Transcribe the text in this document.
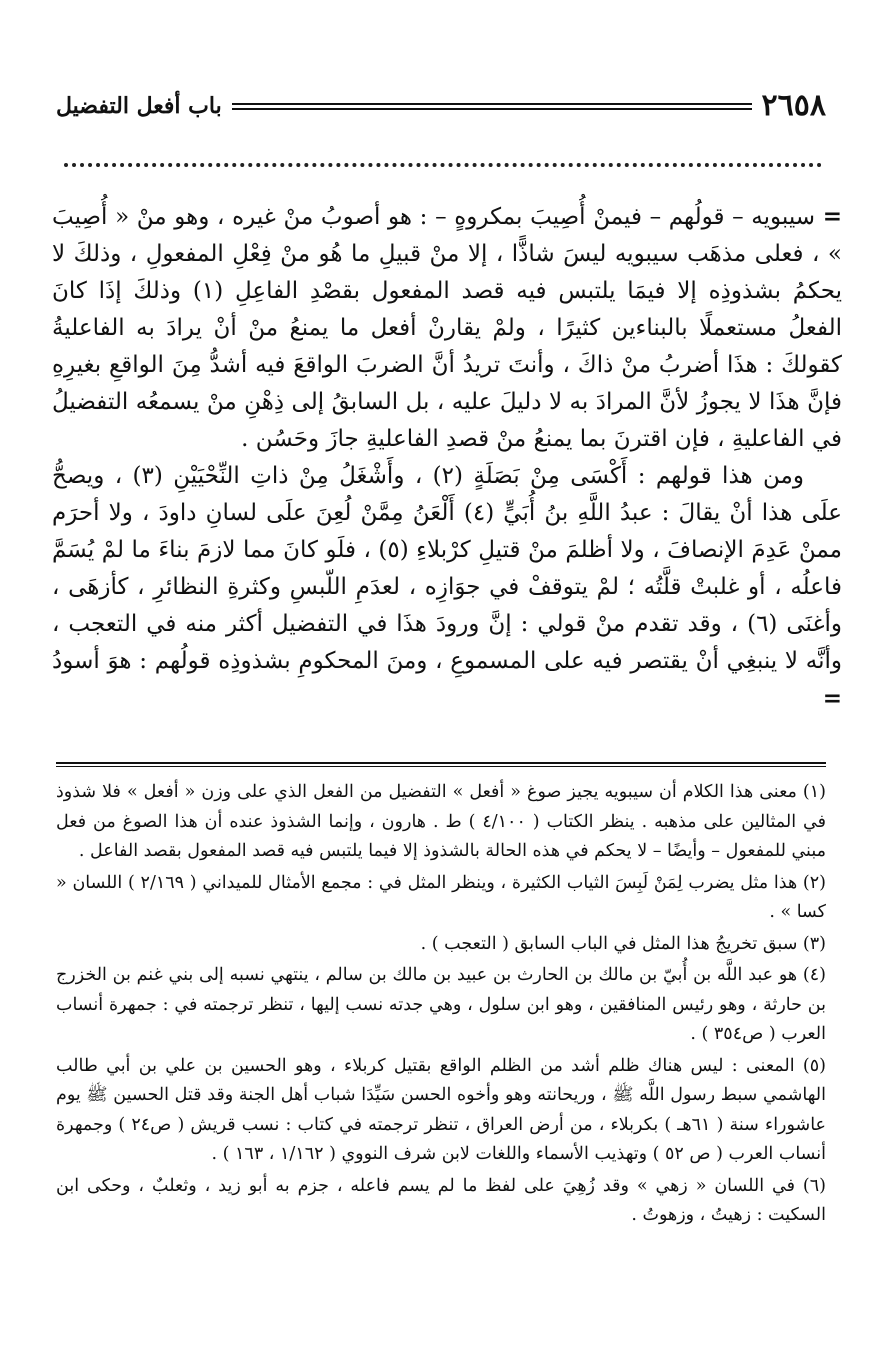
٢٦٥٨
باب أفعل التفضيل

= سيبويه – قولُهم – فيمنْ أُصِيبَ بمكروهٍ – : هو أصوبُ منْ غيره ، وهو منْ « أُصِيبَ » ، فعلى مذهَب سيبويه ليسَ شاذًّا ، إلا منْ قبيلِ ما هُو منْ فِعْلِ المفعولِ ، وذلكَ لا يحكمُ بشذوذِه إلا فيمَا يلتبس فيه قصد المفعول بقصْدِ الفاعِلِ (١) وذلكَ إذَا كانَ الفعلُ مستعملًا بالبناءين كثيرًا ، ولمْ يقارنْ أفعل ما يمنعُ منْ أنْ يرادَ به الفاعليةُ كقولكَ : هذَا أضربُ منْ ذاكَ ، وأنتَ تريدُ أنَّ الضربَ الواقعَ فيه أشدُّ مِنَ الواقعِ بغيرِهِ فإنَّ هذَا لا يجوزُ لأنَّ المرادَ به لا دليلَ عليه ، بل السابقُ إلى ذِهْنِ منْ يسمعُه التفضيلُ في الفاعليةِ ، فإن اقترنَ بما يمنعُ منْ قصدِ الفاعليةِ جازَ وحَسُن .

ومن هذا قولهم : أَكْسَى مِنْ بَصَلَةٍ (٢) ، وأَشْغَلُ مِنْ ذاتِ النِّحْيَيْنِ (٣) ، ويصحُّ علَى هذا أنْ يقالَ : عبدُ اللَّهِ بنُ أُبَيٍّ (٤) أَلْعَنُ مِمَّنْ لُعِنَ علَى لسانِ داودَ ، ولا أحرَم ممنْ عَدِمَ الإنصافَ ، ولا أظلمَ منْ قتيلِ كرْبلاءِ (٥) ، فلَو كانَ مما لازمَ بناءَ ما لمْ يُسَمَّ فاعلُه ، أو غلبتْ قلَّتُه ؛ لمْ يتوقفْ في جوَازِه ، لعدَمِ اللّبسِ وكثرةِ النظائرِ ، كأزهَى ، وأغنَى (٦) ، وقد تقدم منْ قولي : إنَّ ورودَ هذَا في التفضيل أكثر منه في التعجب ، وأنَّه لا ينبغِي أنْ يقتصر فيه على المسموعِ ، ومنَ المحكومِ بشذوذِه قولُهم : هوَ أسودُ =

(١) معنى هذا الكلام أن سيبويه يجيز صوغ « أفعل » التفضيل من الفعل الذي على وزن « أفعل » فلا شذوذ في المثالين على مذهبه . ينظر الكتاب ( ٤/١٠٠ ) ط . هارون ، وإنما الشذوذ عنده أن هذا الصوغ من فعل مبني للمفعول – وأيضًا – لا يحكم في هذه الحالة بالشذوذ إلا فيما يلتبس فيه قصد المفعول بقصد الفاعل .

(٢) هذا مثل يضرب لِمَنْ لَبِسَ الثياب الكثيرة ، وينظر المثل في : مجمع الأمثال للميداني ( ٢/١٦٩ ) اللسان « كسا » .

(٣) سبق تخريجُ هذا المثل في الباب السابق ( التعجب ) .

(٤) هو عبد اللَّه بن أُبيّ بن مالك بن الحارث بن عبيد بن مالك بن سالم ، ينتهي نسبه إلى بني غنم بن الخزرج بن حارثة ، وهو رئيس المنافقين ، وهو ابن سلول ، وهي جدته نسب إليها ، تنظر ترجمته في : جمهرة أنساب العرب ( ص٣٥٤ ) .

(٥) المعنى : ليس هناك ظلم أشد من الظلم الواقع بقتيل كربلاء ، وهو الحسين بن علي بن أبي طالب الهاشمي سبط رسول اللَّه ﷺ ، وريحانته وهو وأخوه الحسن سَيِّدَا شباب أهل الجنة وقد قتل الحسين ﷺ يوم عاشوراء سنة ( ٦١هـ ) بكربلاء ، من أرض العراق ، تنظر ترجمته في كتاب : نسب قريش ( ص٢٤ ) وجمهرة أنساب العرب ( ص ٥٢ ) وتهذيب الأسماء واللغات لابن شرف النووي ( ١/١٦٢ ، ١٦٣ ) .

(٦) في اللسان « زهي » وقد زُهِيَ على لفظ ما لم يسم فاعله ، جزم به أبو زيد ، وثعلبٌ ، وحكى ابن السكيت : زهيتُ ، وزهوتُ .
